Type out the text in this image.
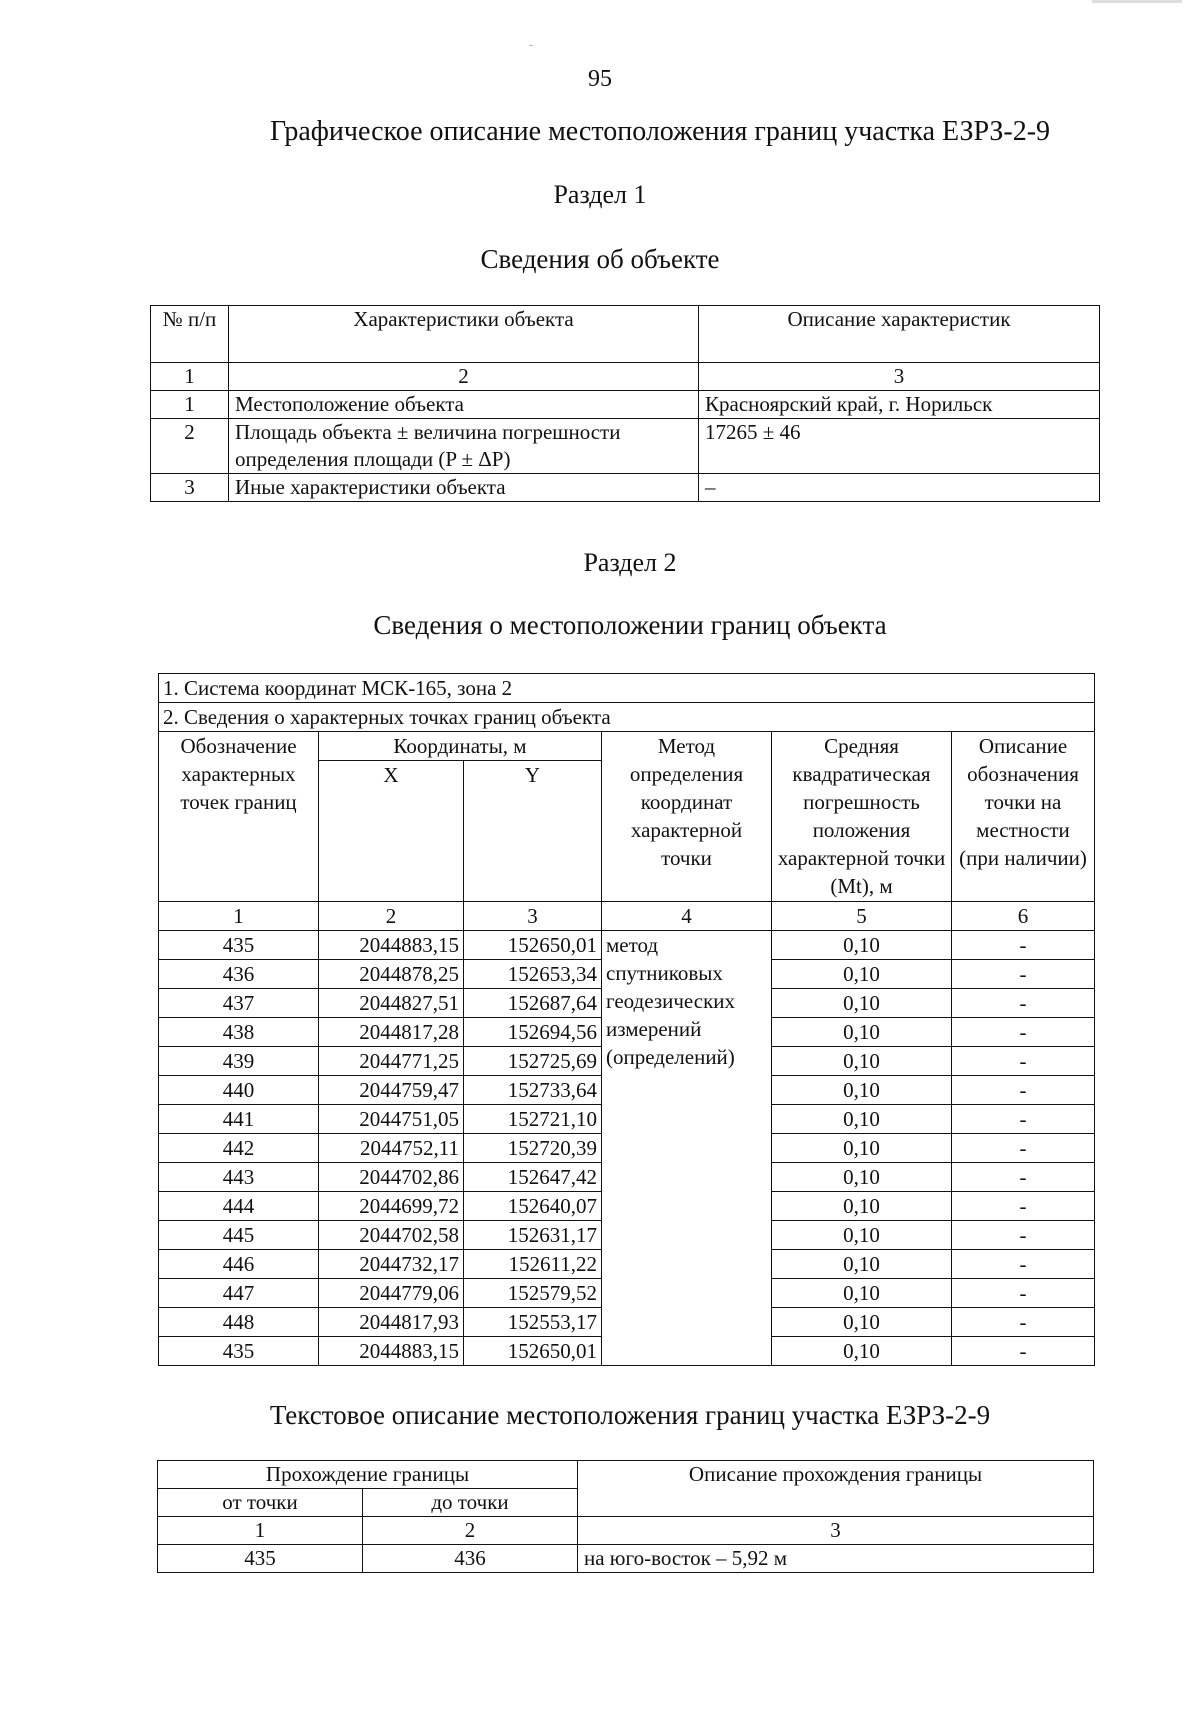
95
Графическое описание местоположения границ участка ЕЗРЗ-2-9
Раздел 1
Сведения об объекте
№ п/п	Характеристики объекта	Описание характеристик
1	2	3
1	Местоположение объекта	Красноярский край, г. Норильск
2	Площадь объекта ± величина погрешности определения площади (P ± ΔP)	17265 ± 46
3	Иные характеристики объекта	–
Раздел 2
Сведения о местоположении границ объекта
1. Система координат МСК-165, зона 2					
2. Сведения о характерных точках границ объекта					
Обозначение характерных точек границ	Координаты, м		Метод определения координат характерной точки	Средняя квадратическая погрешность положения характерной точки (Mt), м	Описание обозначения точки на местности (при наличии)
	X	Y			
1	2	3	4	5	6
435	2044883,15	152650,01	метод спутниковых геодезических измерений (определений)	0,10	-
436	2044878,25	152653,34		0,10	-
437	2044827,51	152687,64		0,10	-
438	2044817,28	152694,56		0,10	-
439	2044771,25	152725,69		0,10	-
440	2044759,47	152733,64		0,10	-
441	2044751,05	152721,10		0,10	-
442	2044752,11	152720,39		0,10	-
443	2044702,86	152647,42		0,10	-
444	2044699,72	152640,07		0,10	-
445	2044702,58	152631,17		0,10	-
446	2044732,17	152611,22		0,10	-
447	2044779,06	152579,52		0,10	-
448	2044817,93	152553,17		0,10	-
435	2044883,15	152650,01		0,10	-
Текстовое описание местоположения границ участка ЕЗРЗ-2-9
Прохождение границы		Описание прохождения границы
от точки	до точки	
1	2	3
435	436	на юго-восток – 5,92 м
